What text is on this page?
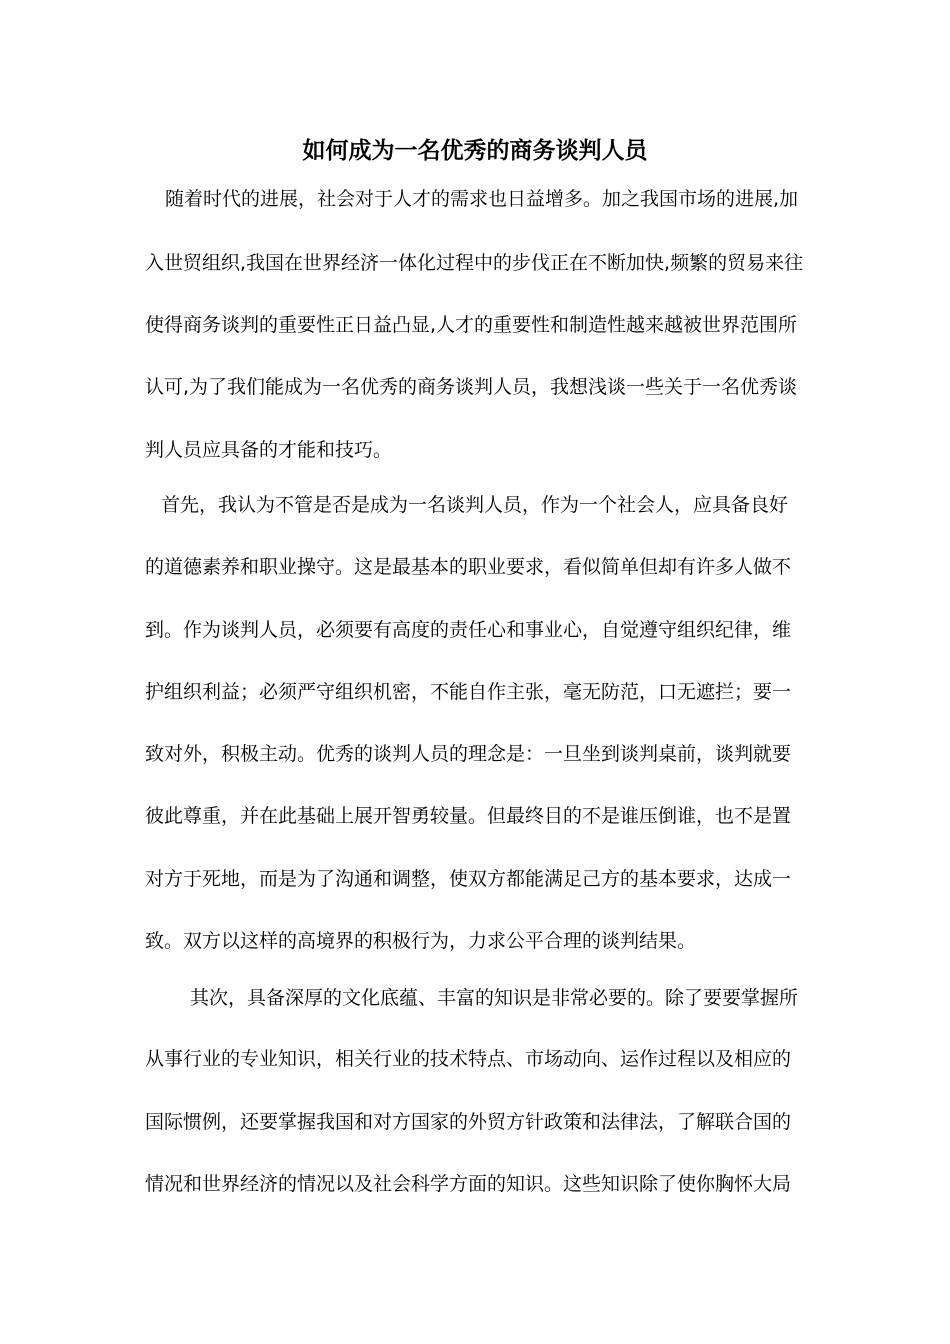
如何成为一名优秀的商务谈判人员
随着时代的进展，社会对于人才的需求也日益增多。加之我国市场的进展,加
入世贸组织,我国在世界经济一体化过程中的步伐正在不断加快,频繁的贸易来往
使得商务谈判的重要性正日益凸显,人才的重要性和制造性越来越被世界范围所
认可,为了我们能成为一名优秀的商务谈判人员，我想浅谈一些关于一名优秀谈
判人员应具备的才能和技巧。
首先，我认为不管是否是成为一名谈判人员，作为一个社会人，应具备良好
的道德素养和职业操守。这是最基本的职业要求，看似简单但却有许多人做不
到。作为谈判人员，必须要有高度的责任心和事业心，自觉遵守组织纪律，维
护组织利益；必须严守组织机密，不能自作主张，毫无防范，口无遮拦；要一
致对外，积极主动。优秀的谈判人员的理念是：一旦坐到谈判桌前，谈判就要
彼此尊重，并在此基础上展开智勇较量。但最终目的不是谁压倒谁，也不是置
对方于死地，而是为了沟通和调整，使双方都能满足己方的基本要求，达成一
致。双方以这样的高境界的积极行为，力求公平合理的谈判结果。
其次，具备深厚的文化底蕴、丰富的知识是非常必要的。除了要要掌握所
从事行业的专业知识，相关行业的技术特点、市场动向、运作过程以及相应的
国际惯例，还要掌握我国和对方国家的外贸方针政策和法律法，了解联合国的
情况和世界经济的情况以及社会科学方面的知识。这些知识除了使你胸怀大局
